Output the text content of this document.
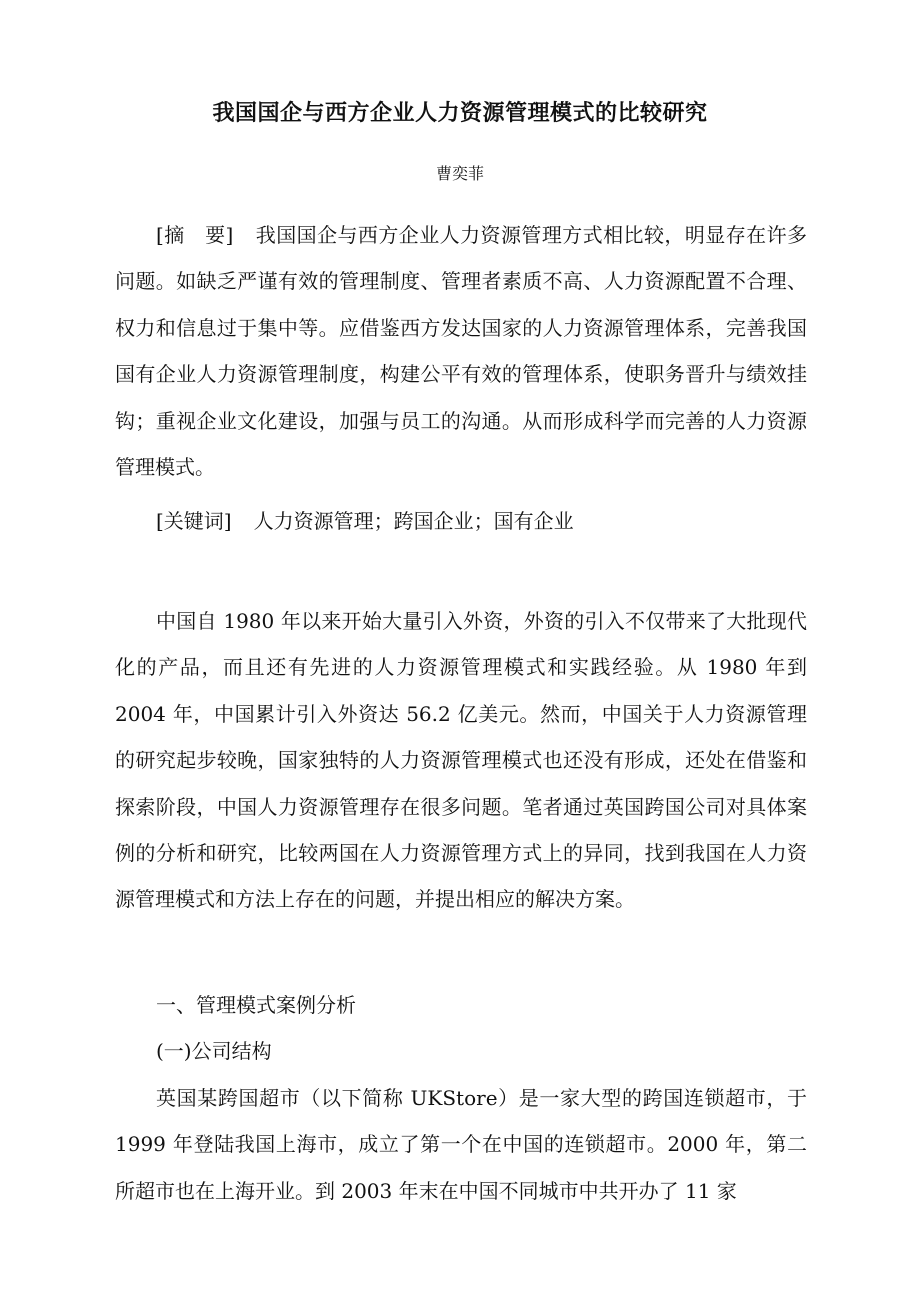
我国国企与西方企业人力资源管理模式的比较研究
曹奕菲

[摘　要] 我国国企与西方企业人力资源管理方式相比较，明显存在许多问题。如缺乏严谨有效的管理制度、管理者素质不高、人力资源配置不合理、权力和信息过于集中等。应借鉴西方发达国家的人力资源管理体系，完善我国国有企业人力资源管理制度，构建公平有效的管理体系，使职务晋升与绩效挂钩；重视企业文化建设，加强与员工的沟通。从而形成科学而完善的人力资源管理模式。

[关键词] 人力资源管理；跨国企业；国有企业

中国自 1980 年以来开始大量引入外资，外资的引入不仅带来了大批现代化的产品，而且还有先进的人力资源管理模式和实践经验。从 1980 年到 2004 年，中国累计引入外资达 56.2 亿美元。然而，中国关于人力资源管理的研究起步较晚，国家独特的人力资源管理模式也还没有形成，还处在借鉴和探索阶段，中国人力资源管理存在很多问题。笔者通过英国跨国公司对具体案例的分析和研究，比较两国在人力资源管理方式上的异同，找到我国在人力资源管理模式和方法上存在的问题，并提出相应的解决方案。

一、管理模式案例分析

(一)公司结构

英国某跨国超市（以下简称 UKStore）是一家大型的跨国连锁超市，于 1999 年登陆我国上海市，成立了第一个在中国的连锁超市。2000 年，第二所超市也在上海开业。到 2003 年末在中国不同城市中共开办了 11 家
